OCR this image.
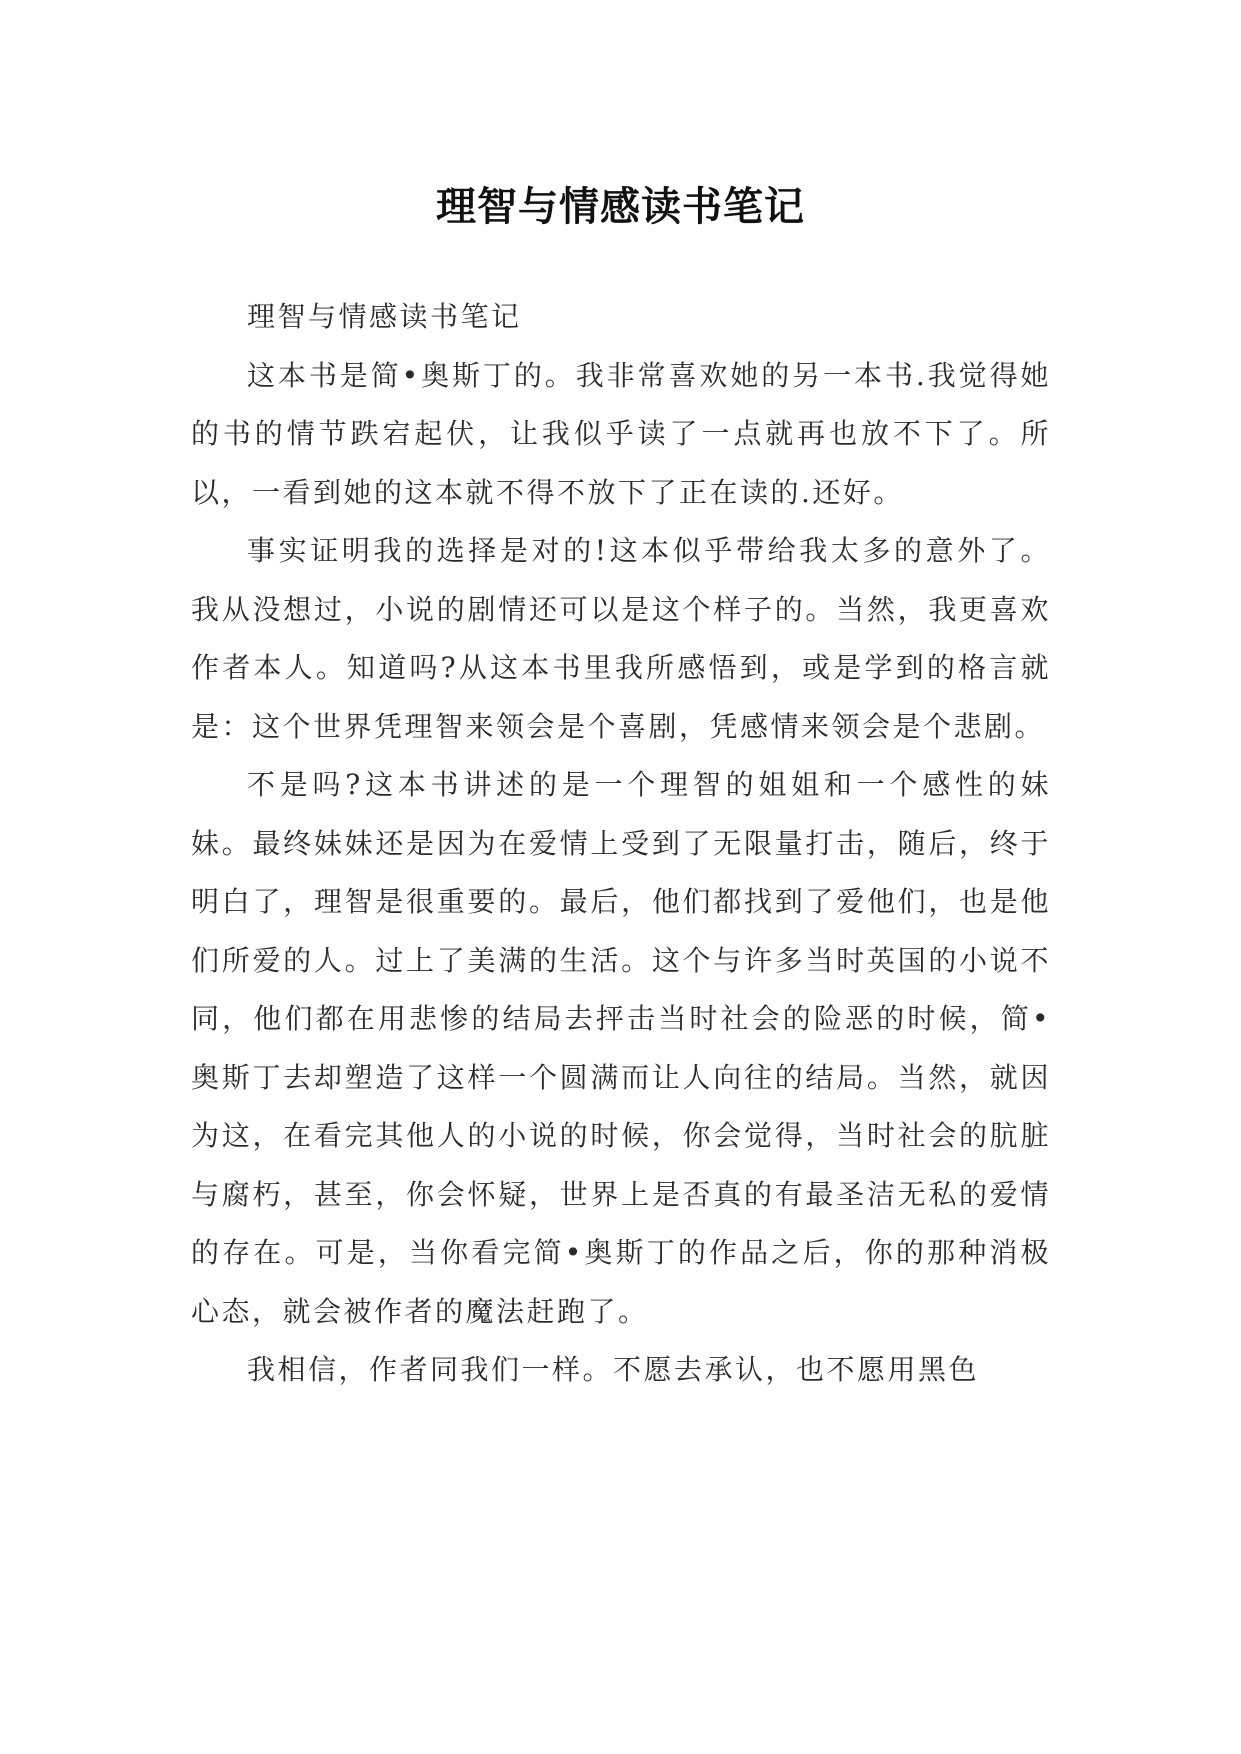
理智与情感读书笔记

理智与情感读书笔记

这本书是简•奥斯丁的。我非常喜欢她的另一本书.我觉得她的书的情节跌宕起伏，让我似乎读了一点就再也放不下了。所以，一看到她的这本就不得不放下了正在读的.还好。

事实证明我的选择是对的!这本似乎带给我太多的意外了。我从没想过，小说的剧情还可以是这个样子的。当然，我更喜欢作者本人。知道吗?从这本书里我所感悟到，或是学到的格言就是：这个世界凭理智来领会是个喜剧，凭感情来领会是个悲剧。

不是吗?这本书讲述的是一个理智的姐姐和一个感性的妹妹。最终妹妹还是因为在爱情上受到了无限量打击，随后，终于明白了，理智是很重要的。最后，他们都找到了爱他们，也是他们所爱的人。过上了美满的生活。这个与许多当时英国的小说不同，他们都在用悲惨的结局去抨击当时社会的险恶的时候，简•奥斯丁去却塑造了这样一个圆满而让人向往的结局。当然，就因为这，在看完其他人的小说的时候，你会觉得，当时社会的肮脏与腐朽，甚至，你会怀疑，世界上是否真的有最圣洁无私的爱情的存在。可是，当你看完简•奥斯丁的作品之后，你的那种消极心态，就会被作者的魔法赶跑了。

我相信，作者同我们一样。不愿去承认，也不愿用黑色
